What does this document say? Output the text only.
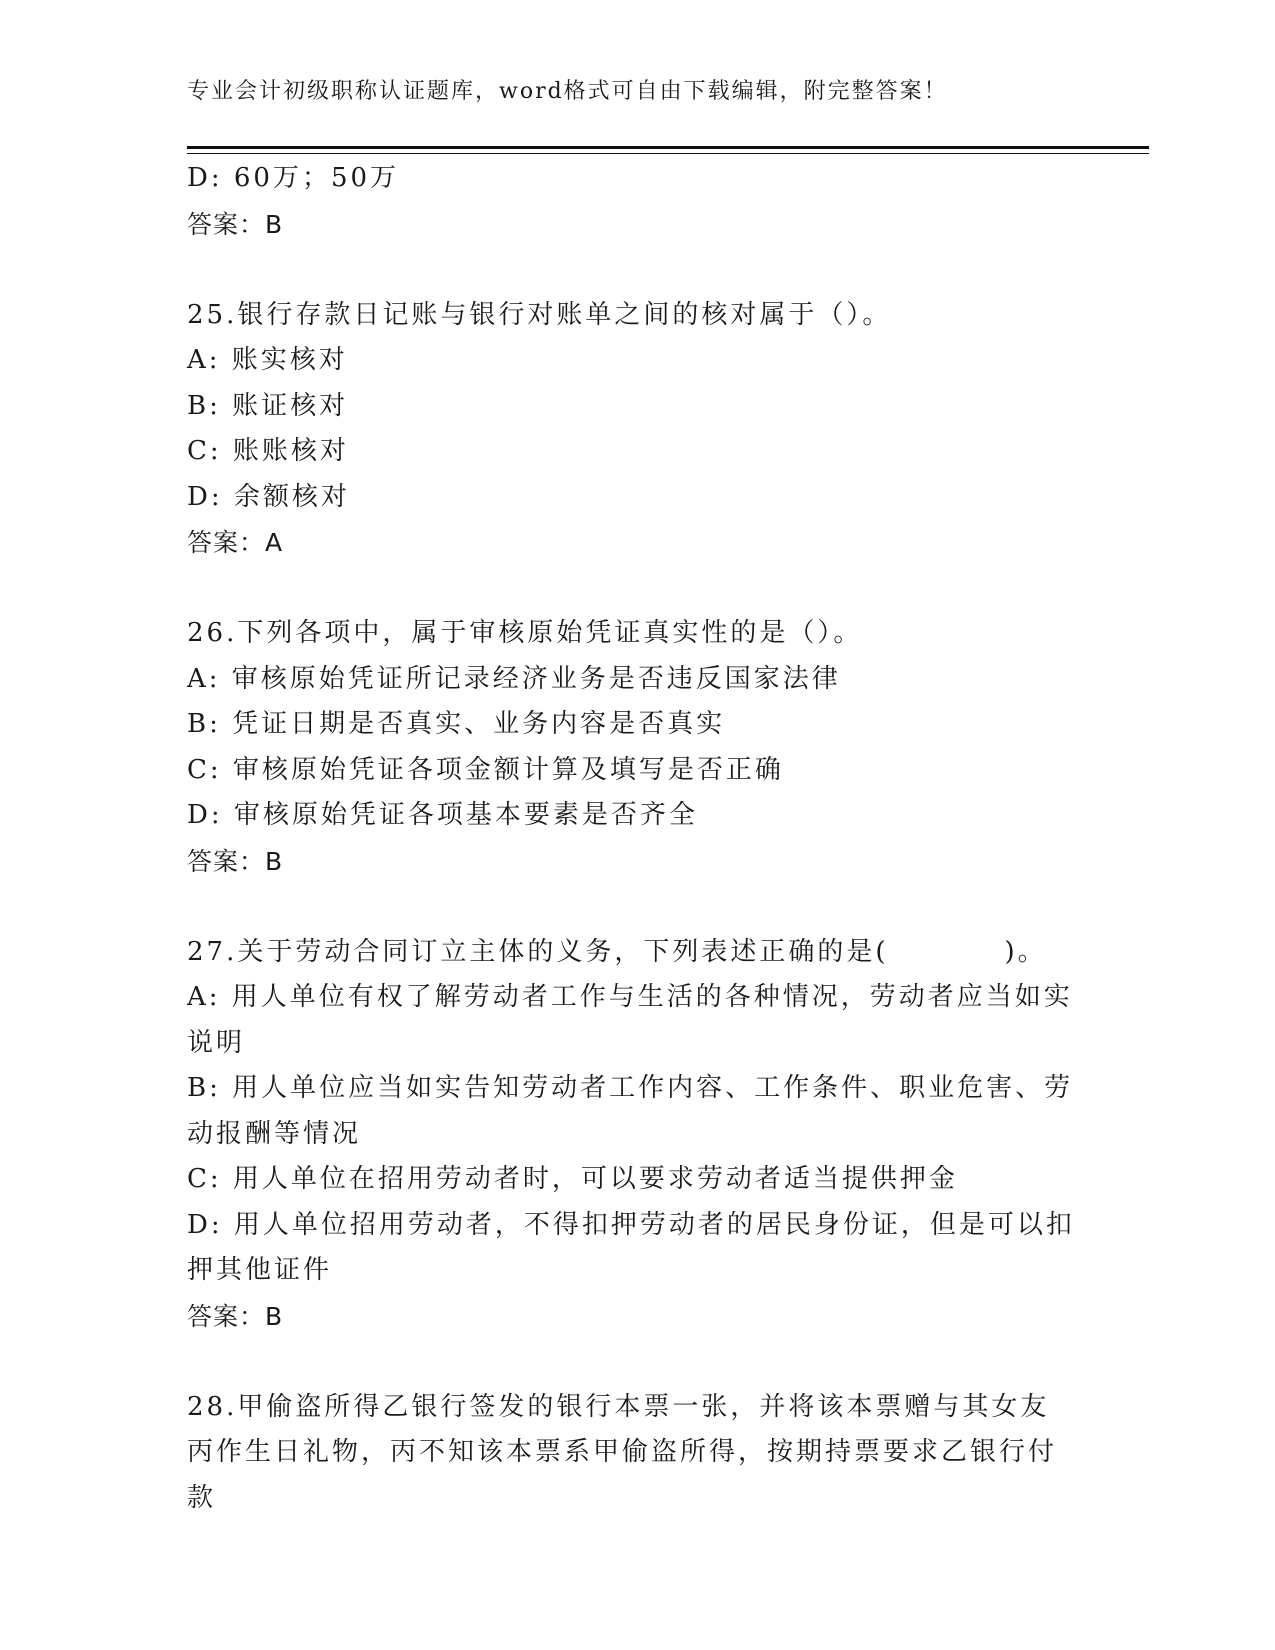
专业会计初级职称认证题库，word格式可自由下载编辑，附完整答案！
D: 60万；50万
答案：B
25.银行存款日记账与银行对账单之间的核对属于（）。
A: 账实核对
B: 账证核对
C: 账账核对
D: 余额核对
答案：A
26.下列各项中，属于审核原始凭证真实性的是（）。
A: 审核原始凭证所记录经济业务是否违反国家法律
B: 凭证日期是否真实、业务内容是否真实
C: 审核原始凭证各项金额计算及填写是否正确
D: 审核原始凭证各项基本要素是否齐全
答案：B
27.关于劳动合同订立主体的义务，下列表述正确的是(　　　　)。
A: 用人单位有权了解劳动者工作与生活的各种情况，劳动者应当如实说明
B: 用人单位应当如实告知劳动者工作内容、工作条件、职业危害、劳动报酬等情况
C: 用人单位在招用劳动者时，可以要求劳动者适当提供押金
D: 用人单位招用劳动者，不得扣押劳动者的居民身份证，但是可以扣押其他证件
答案：B
28.甲偷盗所得乙银行签发的银行本票一张，并将该本票赠与其女友丙作生日礼物，丙不知该本票系甲偷盗所得，按期持票要求乙银行付款
